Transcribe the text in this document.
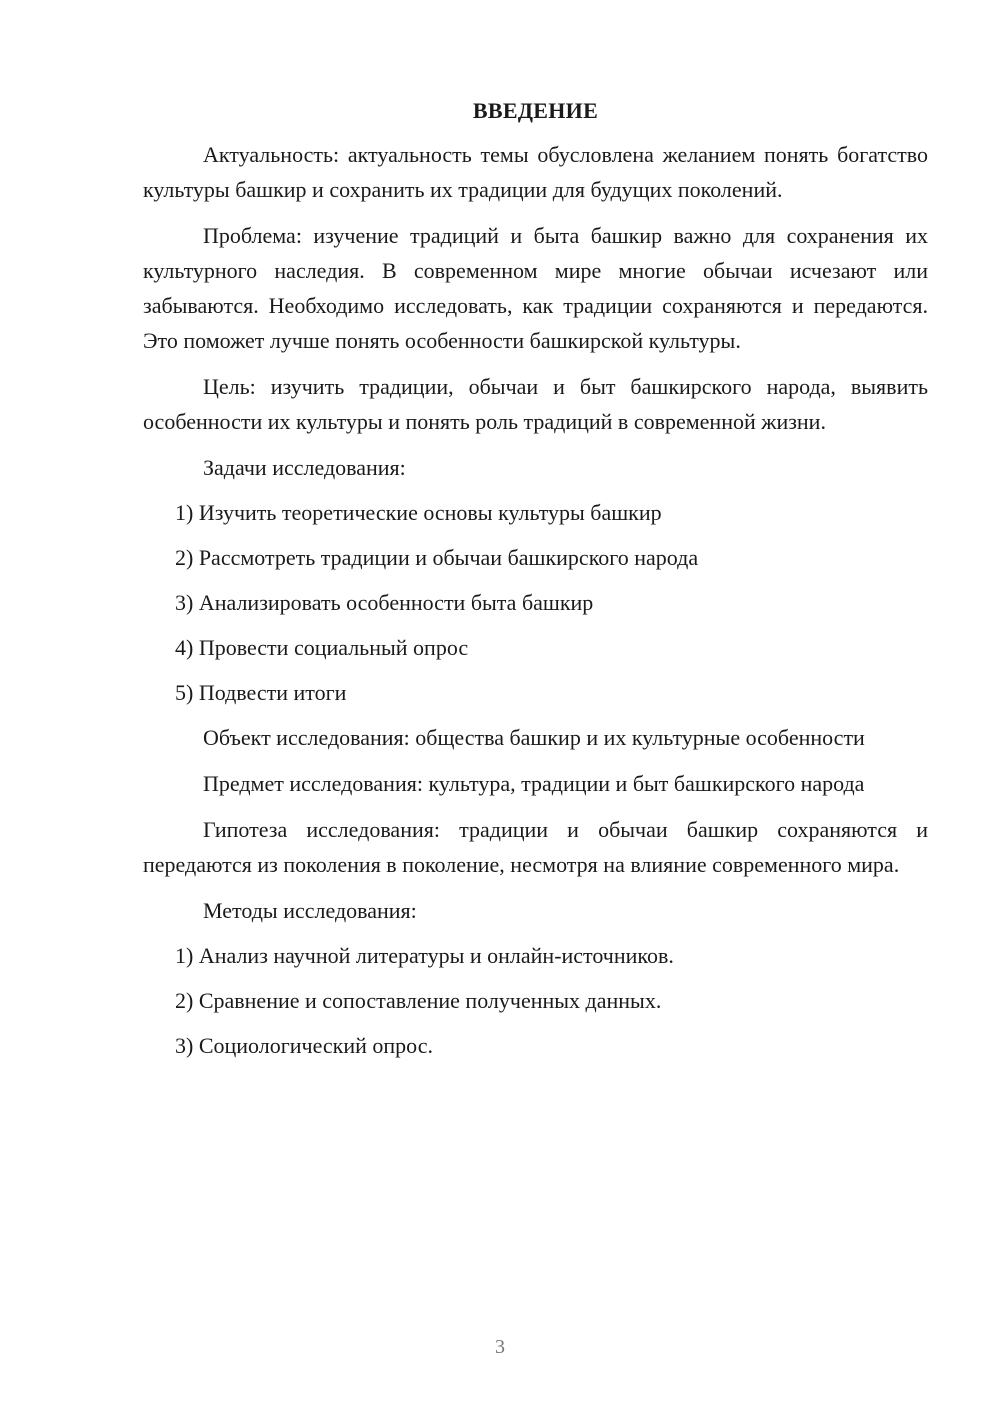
ВВЕДЕНИЕ

Актуальность: актуальность темы обусловлена желанием понять богатство культуры башкир и сохранить их традиции для будущих поколений.

Проблема: изучение традиций и быта башкир важно для сохранения их культурного наследия. В современном мире многие обычаи исчезают или забываются. Необходимо исследовать, как традиции сохраняются и передаются. Это поможет лучше понять особенности башкирской культуры.

Цель: изучить традиции, обычаи и быт башкирского народа, выявить особенности их культуры и понять роль традиций в современной жизни.

Задачи исследования:

1) Изучить теоретические основы культуры башкир
2) Рассмотреть традиции и обычаи башкирского народа
3) Анализировать особенности быта башкир
4) Провести социальный опрос
5) Подвести итоги

Объект исследования: общества башкир и их культурные особенности

Предмет исследования: культура, традиции и быт башкирского народа

Гипотеза исследования: традиции и обычаи башкир сохраняются и передаются из поколения в поколение, несмотря на влияние современного мира.

Методы исследования:

1) Анализ научной литературы и онлайн-источников.
2) Сравнение и сопоставление полученных данных.
3) Социологический опрос.
3
